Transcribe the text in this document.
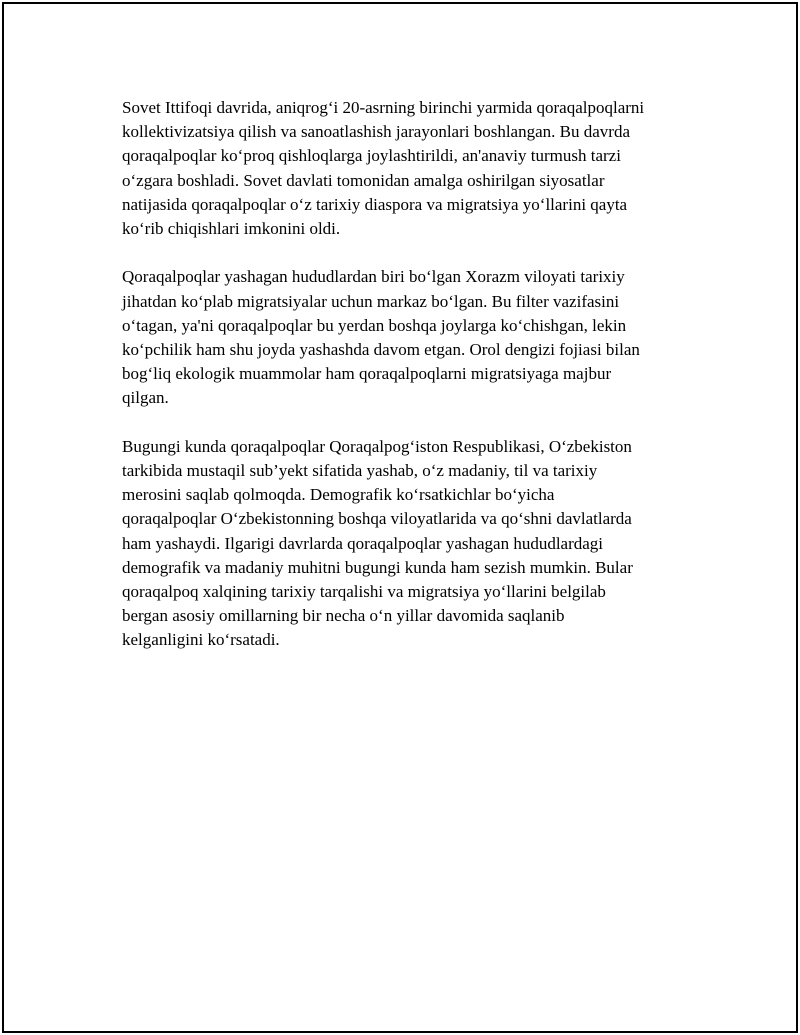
Sovet Ittifoqi davrida, aniqrog‘i 20-asrning birinchi yarmida qoraqalpoqlarni
kollektivizatsiya qilish va sanoatlashish jarayonlari boshlangan. Bu davrda
qoraqalpoqlar ko‘proq qishloqlarga joylashtirildi, an'anaviy turmush tarzi
o‘zgara boshladi. Sovet davlati tomonidan amalga oshirilgan siyosatlar
natijasida qoraqalpoqlar o‘z tarixiy diaspora va migratsiya yo‘llarini qayta
ko‘rib chiqishlari imkonini oldi.

Qoraqalpoqlar yashagan hududlardan biri bo‘lgan Xorazm viloyati tarixiy
jihatdan ko‘plab migratsiyalar uchun markaz bo‘lgan. Bu filter vazifasini
o‘tagan, ya'ni qoraqalpoqlar bu yerdan boshqa joylarga ko‘chishgan, lekin
ko‘pchilik ham shu joyda yashashda davom etgan. Orol dengizi fojiasi bilan
bog‘liq ekologik muammolar ham qoraqalpoqlarni migratsiyaga majbur
qilgan.

Bugungi kunda qoraqalpoqlar Qoraqalpog‘iston Respublikasi, O‘zbekiston
tarkibida mustaqil sub’yekt sifatida yashab, o‘z madaniy, til va tarixiy
merosini saqlab qolmoqda. Demografik ko‘rsatkichlar bo‘yicha
qoraqalpoqlar O‘zbekistonning boshqa viloyatlarida va qo‘shni davlatlarda
ham yashaydi. Ilgarigi davrlarda qoraqalpoqlar yashagan hududlardagi
demografik va madaniy muhitni bugungi kunda ham sezish mumkin. Bular
qoraqalpoq xalqining tarixiy tarqalishi va migratsiya yo‘llarini belgilab
bergan asosiy omillarning bir necha o‘n yillar davomida saqlanib
kelganligini ko‘rsatadi.
